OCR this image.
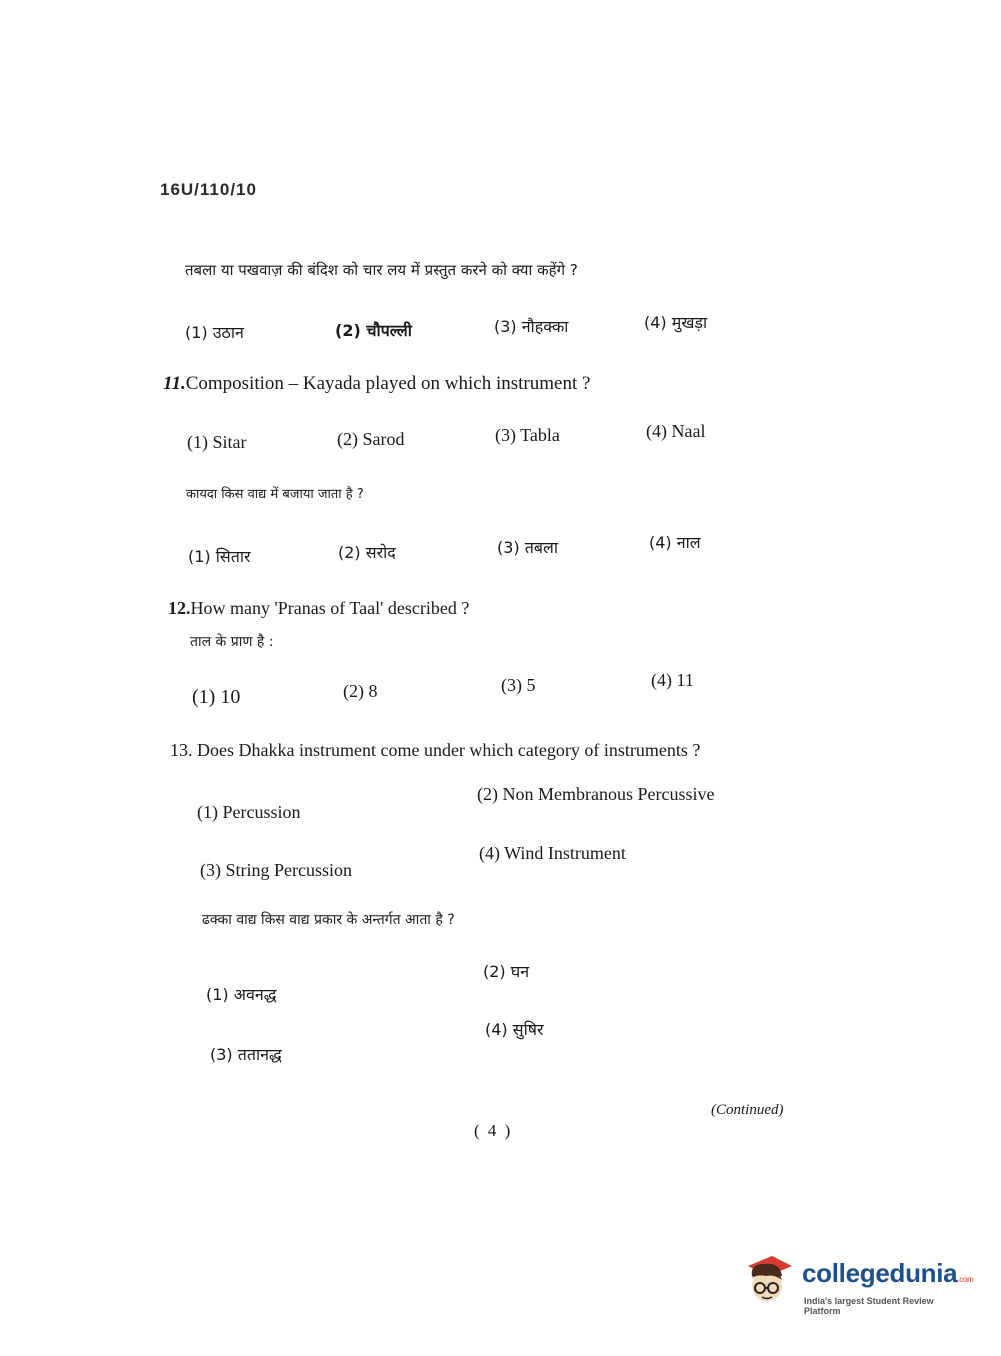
16U/110/10
तबला या पखवाज़ की बंदिश को चार लय में प्रस्तुत करने को क्या कहेंगे ?
(1) उठान	(2) चौपल्ली	(3) नौहक्का	(4) मुखड़ा
11.Composition – Kayada played on which instrument ?
(1) Sitar	(2) Sarod	(3) Tabla	(4) Naal
कायदा किस वाद्य में बजाया जाता है ?
(1) सितार	(2) सरोद	(3) तबला	(4) नाल
12.How many 'Pranas of Taal' described ?
ताल के प्राण है :
(1) 10	(2) 8	(3) 5	(4) 11
13. Does Dhakka instrument come under which category of instruments ?
(1) Percussion
(2) Non Membranous Percussive
(3) String Percussion
(4) Wind Instrument
ढक्का वाद्य किस वाद्य प्रकार के अन्तर्गत आता है ?
(1) अवनद्ध
(2) घन
(3) ततानद्ध
(4) सुषिर
(Continued)
( 4 )
collegedunia.com
India's largest Student Review Platform
